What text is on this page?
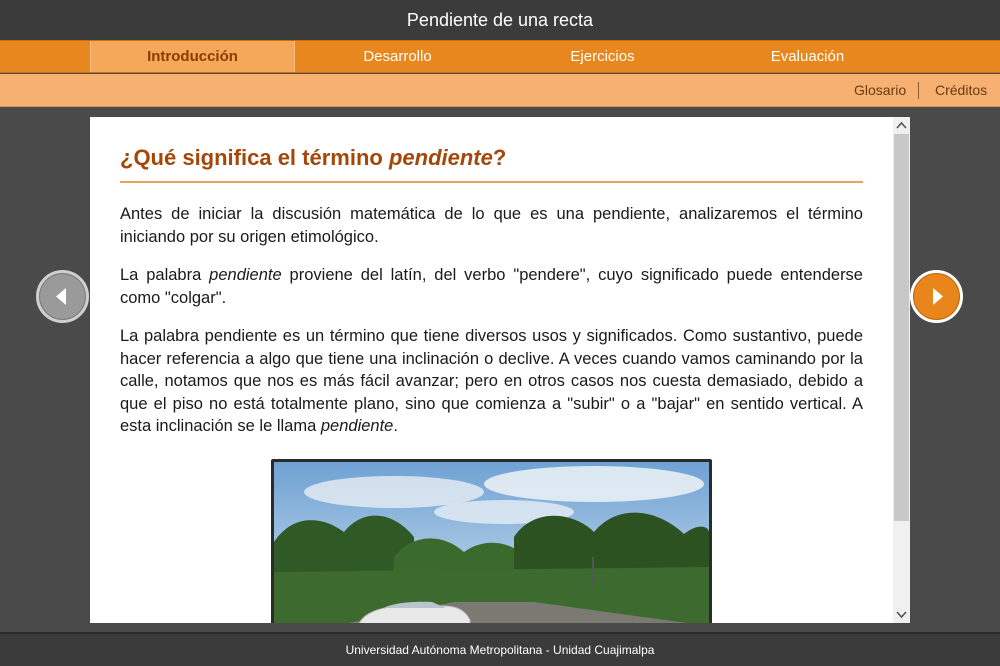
Pendiente de una recta
Introducción	Desarrollo	Ejercicios	Evaluación
Glosario Créditos
¿Qué significa el término pendiente?

Antes de iniciar la discusión matemática de lo que es una pendiente, analizaremos el término iniciando por su origen etimológico.

La palabra pendiente proviene del latín, del verbo "pendere", cuyo significado puede entenderse como "colgar".

La palabra pendiente es un término que tiene diversos usos y significados. Como sustantivo, puede hacer referencia a algo que tiene una inclinación o declive. A veces cuando vamos caminando por la calle, notamos que nos es más fácil avanzar; pero en otros casos nos cuesta demasiado, debido a que el piso no está totalmente plano, sino que comienza a "subir" o a "bajar" en sentido vertical. A esta inclinación se le llama pendiente.

Universidad Autónoma Metropolitana - Unidad Cuajimalpa
